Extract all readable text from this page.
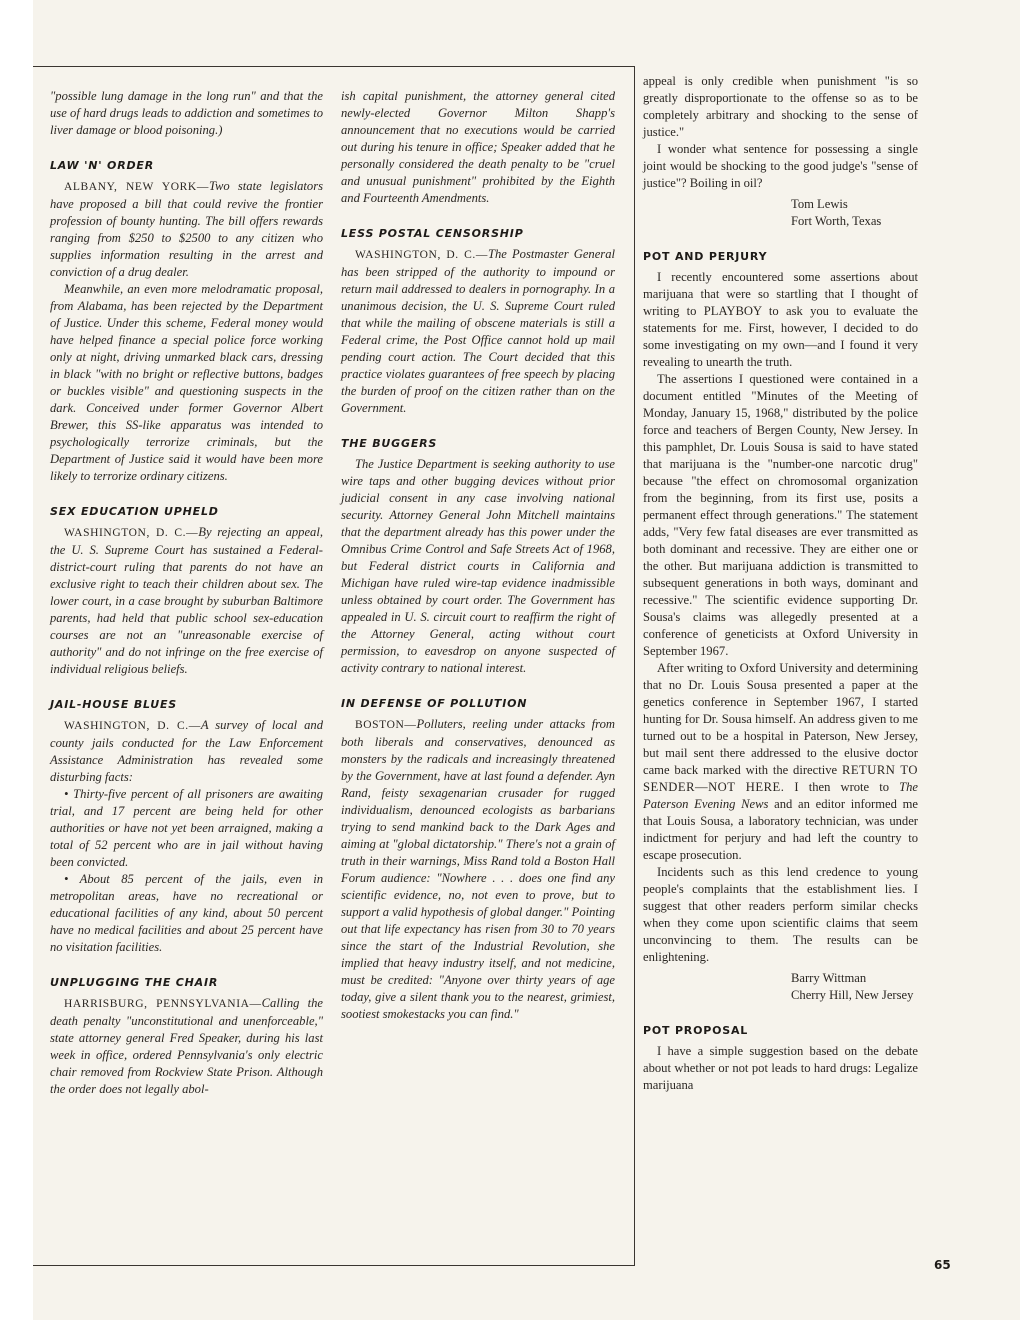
"possible lung damage in the long run" and that the use of hard drugs leads to addiction and sometimes to liver damage or blood poisoning.)

LAW 'N' ORDER

ALBANY, NEW YORK—Two state legislators have proposed a bill that could revive the frontier profession of bounty hunting. The bill offers rewards ranging from $250 to $2500 to any citizen who supplies information resulting in the arrest and conviction of a drug dealer.

Meanwhile, an even more melodramatic proposal, from Alabama, has been rejected by the Department of Justice. Under this scheme, Federal money would have helped finance a special police force working only at night, driving unmarked black cars, dressing in black "with no bright or reflective buttons, badges or buckles visible" and questioning suspects in the dark. Conceived under former Governor Albert Brewer, this SS-like apparatus was intended to psychologically terrorize criminals, but the Department of Justice said it would have been more likely to terrorize ordinary citizens.

SEX EDUCATION UPHELD

WASHINGTON, D. C.—By rejecting an appeal, the U. S. Supreme Court has sustained a Federal-district-court ruling that parents do not have an exclusive right to teach their children about sex. The lower court, in a case brought by suburban Baltimore parents, had held that public school sex-education courses are not an "unreasonable exercise of authority" and do not infringe on the free exercise of individual religious beliefs.

JAIL-HOUSE BLUES

WASHINGTON, D. C.—A survey of local and county jails conducted for the Law Enforcement Assistance Administration has revealed some disturbing facts:

• Thirty-five percent of all prisoners are awaiting trial, and 17 percent are being held for other authorities or have not yet been arraigned, making a total of 52 percent who are in jail without having been convicted.

• About 85 percent of the jails, even in metropolitan areas, have no recreational or educational facilities of any kind, about 50 percent have no medical facilities and about 25 percent have no visitation facilities.

UNPLUGGING THE CHAIR

HARRISBURG, PENNSYLVANIA—Calling the death penalty "unconstitutional and unenforceable," state attorney general Fred Speaker, during his last week in office, ordered Pennsylvania's only electric chair removed from Rockview State Prison. Although the order does not legally abol-

ish capital punishment, the attorney general cited newly-elected Governor Milton Shapp's announcement that no executions would be carried out during his tenure in office; Speaker added that he personally considered the death penalty to be "cruel and unusual punishment" prohibited by the Eighth and Fourteenth Amendments.

LESS POSTAL CENSORSHIP

WASHINGTON, D. C.—The Postmaster General has been stripped of the authority to impound or return mail addressed to dealers in pornography. In a unanimous decision, the U. S. Supreme Court ruled that while the mailing of obscene materials is still a Federal crime, the Post Office cannot hold up mail pending court action. The Court decided that this practice violates guarantees of free speech by placing the burden of proof on the citizen rather than on the Government.

THE BUGGERS

The Justice Department is seeking authority to use wire taps and other bugging devices without prior judicial consent in any case involving national security. Attorney General John Mitchell maintains that the department already has this power under the Omnibus Crime Control and Safe Streets Act of 1968, but Federal district courts in California and Michigan have ruled wire-tap evidence inadmissible unless obtained by court order. The Government has appealed in U. S. circuit court to reaffirm the right of the Attorney General, acting without court permission, to eavesdrop on anyone suspected of activity contrary to national interest.

IN DEFENSE OF POLLUTION

BOSTON—Polluters, reeling under attacks from both liberals and conservatives, denounced as monsters by the radicals and increasingly threatened by the Government, have at last found a defender. Ayn Rand, feisty sexagenarian crusader for rugged individualism, denounced ecologists as barbarians trying to send mankind back to the Dark Ages and aiming at "global dictatorship." There's not a grain of truth in their warnings, Miss Rand told a Boston Hall Forum audience: "Nowhere . . . does one find any scientific evidence, no, not even to prove, but to support a valid hypothesis of global danger." Pointing out that life expectancy has risen from 30 to 70 years since the start of the Industrial Revolution, she implied that heavy industry itself, and not medicine, must be credited: "Anyone over thirty years of age today, give a silent thank you to the nearest, grimiest, sootiest smokestacks you can find."

appeal is only credible when punishment "is so greatly disproportionate to the offense so as to be completely arbitrary and shocking to the sense of justice."

I wonder what sentence for possessing a single joint would be shocking to the good judge's "sense of justice"? Boiling in oil?

Tom Lewis
Fort Worth, Texas
POT AND PERJURY

I recently encountered some assertions about marijuana that were so startling that I thought of writing to PLAYBOY to ask you to evaluate the statements for me. First, however, I decided to do some investigating on my own—and I found it very revealing to unearth the truth.

The assertions I questioned were contained in a document entitled "Minutes of the Meeting of Monday, January 15, 1968," distributed by the police force and teachers of Bergen County, New Jersey. In this pamphlet, Dr. Louis Sousa is said to have stated that marijuana is the "number-one narcotic drug" because "the effect on chromosomal organization from the beginning, from its first use, posits a permanent effect through generations." The statement adds, "Very few fatal diseases are ever transmitted as both dominant and recessive. They are either one or the other. But marijuana addiction is transmitted to subsequent generations in both ways, dominant and recessive." The scientific evidence supporting Dr. Sousa's claims was allegedly presented at a conference of geneticists at Oxford University in September 1967.

After writing to Oxford University and determining that no Dr. Louis Sousa presented a paper at the genetics conference in September 1967, I started hunting for Dr. Sousa himself. An address given to me turned out to be a hospital in Paterson, New Jersey, but mail sent there addressed to the elusive doctor came back marked with the directive RETURN TO SENDER—NOT HERE. I then wrote to The Paterson Evening News and an editor informed me that Louis Sousa, a laboratory technician, was under indictment for perjury and had left the country to escape prosecution.

Incidents such as this lend credence to young people's complaints that the establishment lies. I suggest that other readers perform similar checks when they come upon scientific claims that seem unconvincing to them. The results can be enlightening.

Barry Wittman
Cherry Hill, New Jersey
POT PROPOSAL

I have a simple suggestion based on the debate about whether or not pot leads to hard drugs: Legalize marijuana

65
